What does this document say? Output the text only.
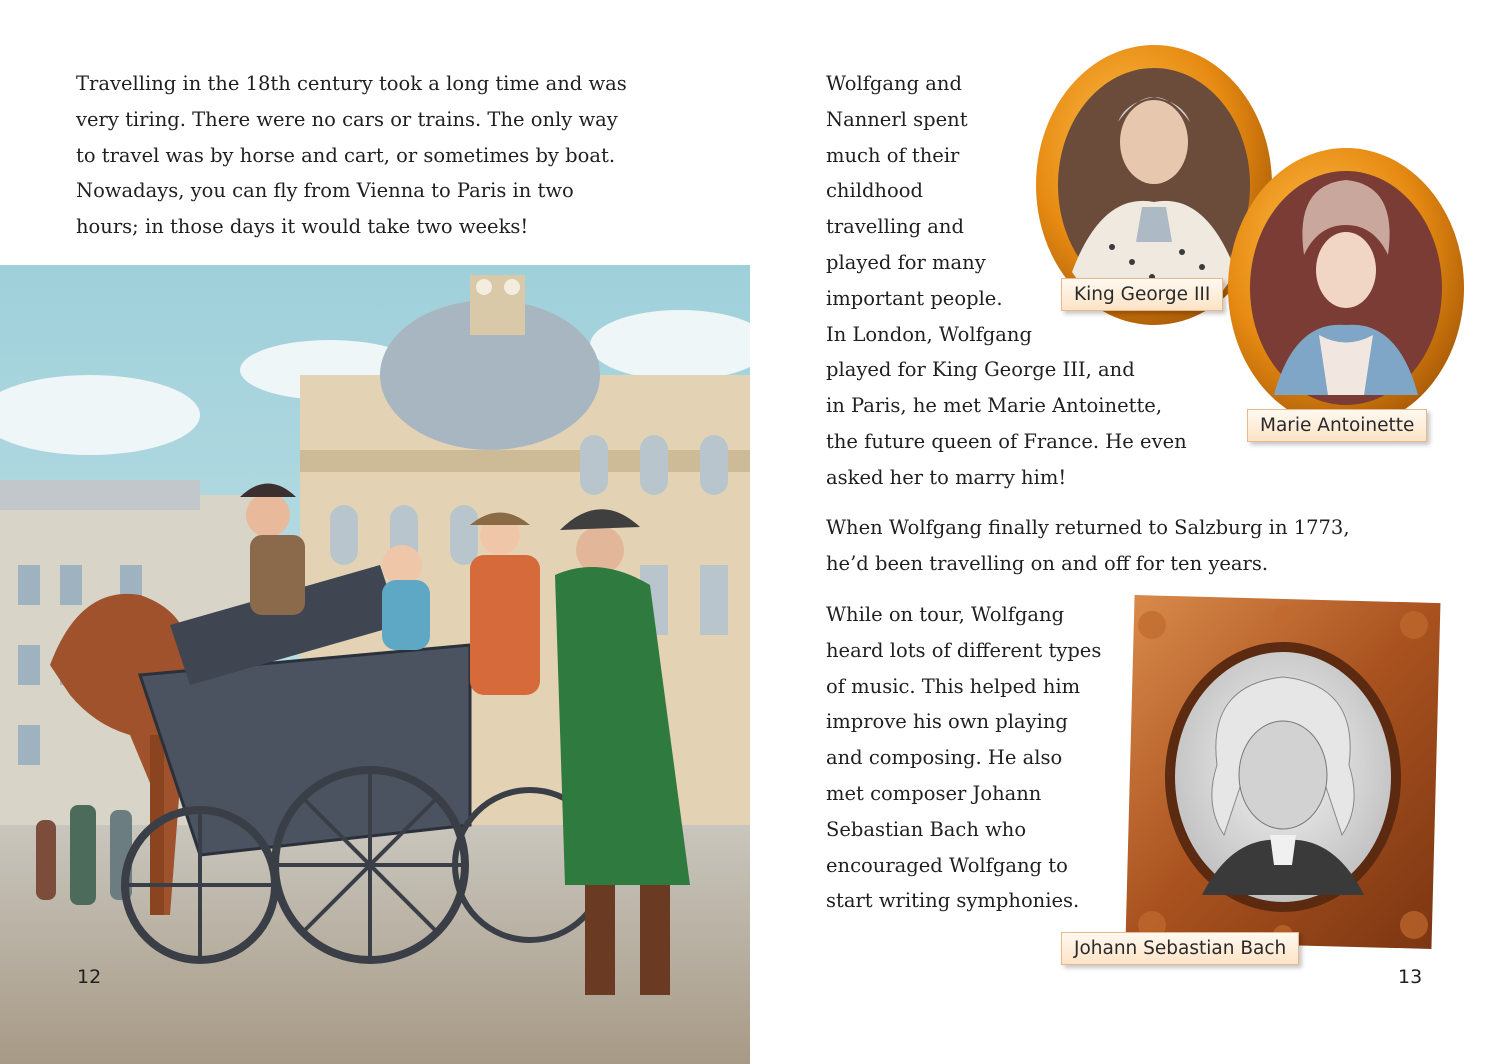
Travelling in the 18th century took a long time and was
very tiring. There were no cars or trains. The only way
to travel was by horse and cart, or sometimes by boat.
Nowadays, you can fly from Vienna to Paris in two
hours; in those days it would take two weeks!

12

Wolfgang and
Nannerl spent
much of their
childhood
travelling and
played for many
important people.
In London, Wolfgang
played for King George III, and
in Paris, he met Marie Antoinette,
the future queen of France. He even
asked her to marry him!

King George III
Marie Antoinette

When Wolfgang finally returned to Salzburg in 1773,
he’d been travelling on and off for ten years.

While on tour, Wolfgang
heard lots of different types
of music. This helped him
improve his own playing
and composing. He also
met composer Johann
Sebastian Bach who
encouraged Wolfgang to
start writing symphonies.

Johann Sebastian Bach
13
